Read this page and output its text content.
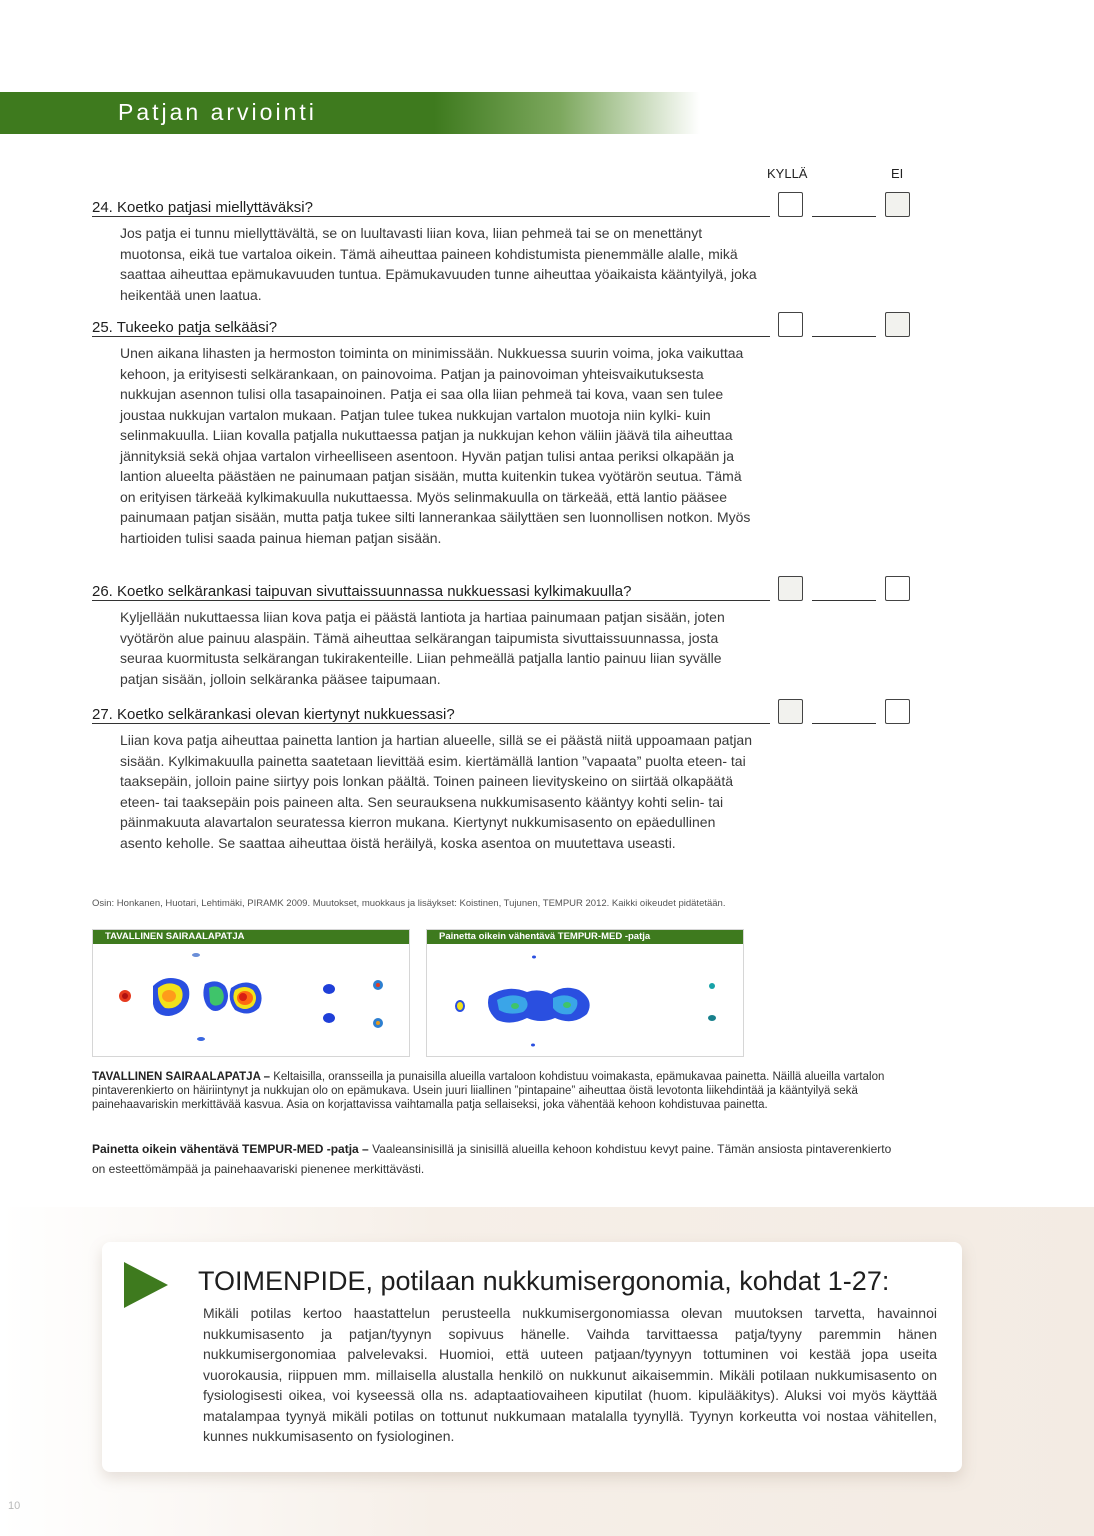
Patjan arviointi
KYLLÄ	EI
24. Koetko patjasi miellyttäväksi?

Jos patja ei tunnu miellyttävältä, se on luultavasti liian kova, liian pehmeä tai se on menettänyt muotonsa, eikä tue vartaloa oikein. Tämä aiheuttaa paineen kohdistumista pienemmälle alalle, mikä saattaa aiheuttaa epämukavuuden tuntua. Epämukavuuden tunne aiheuttaa yöaikaista kääntyilyä, joka heikentää unen laatua.

25. Tukeeko patja selkääsi?

Unen aikana lihasten ja hermoston toiminta on minimissään. Nukkuessa suurin voima, joka vaikuttaa kehoon, ja erityisesti selkärankaan, on painovoima. Patjan ja painovoiman yhteisvaikutuksesta nukkujan asennon tulisi olla tasapainoinen. Patja ei saa olla liian pehmeä tai kova, vaan sen tulee joustaa nukkujan vartalon mukaan. Patjan tulee tukea nukkujan vartalon muotoja niin kylki- kuin selinmakuulla. Liian kovalla patjalla nukuttaessa patjan ja nukkujan kehon väliin jäävä tila aiheuttaa jännityksiä sekä ohjaa vartalon virheelliseen asentoon. Hyvän patjan tulisi antaa periksi olkapään ja lantion alueelta päästäen ne painumaan patjan sisään, mutta kuitenkin tukea vyötärön seutua. Tämä on erityisen tärkeää kylkimakuulla nukuttaessa. Myös selinmakuulla on tärkeää, että lantio pääsee painumaan patjan sisään, mutta patja tukee silti lannerankaa säilyttäen sen luonnollisen notkon. Myös hartioiden tulisi saada painua hieman patjan sisään.

26. Koetko selkärankasi taipuvan sivuttaissuunnassa nukkuessasi kylkimakuulla?

Kyljellään nukuttaessa liian kova patja ei päästä lantiota ja hartiaa painumaan patjan sisään, joten vyötärön alue painuu alaspäin. Tämä aiheuttaa selkärangan taipumista sivuttaissuunnassa, josta seuraa kuormitusta selkärangan tukirakenteille. Liian pehmeällä patjalla lantio painuu liian syvälle patjan sisään, jolloin selkäranka pääsee taipumaan.

27. Koetko selkärankasi olevan kiertynyt nukkuessasi?

Liian kova patja aiheuttaa painetta lantion ja hartian alueelle, sillä se ei päästä niitä uppoamaan patjan sisään. Kylkimakuulla painetta saatetaan lievittää esim. kiertämällä lantion ”vapaata” puolta eteen- tai taaksepäin, jolloin paine siirtyy pois lonkan päältä. Toinen paineen lievityskeino on siirtää olkapäätä eteen- tai taaksepäin pois paineen alta. Sen seurauksena nukkumisasento kääntyy kohti selin- tai päinmakuuta alavartalon seuratessa kierron mukana. Kiertynyt nukkumisasento on epäedullinen asento keholle. Se saattaa aiheuttaa öistä heräilyä, koska asentoa on muutettava useasti.

Osin: Honkanen, Huotari, Lehtimäki, PIRAMK 2009. Muutokset, muokkaus ja lisäykset: Koistinen, Tujunen, TEMPUR 2012. Kaikki oikeudet pidätetään.
TAVALLINEN SAIRAALAPATJA	Painetta oikein vähentävä TEMPUR-MED -patja

TAVALLINEN SAIRAALAPATJA – Keltaisilla, oransseilla ja punaisilla alueilla vartaloon kohdistuu voimakasta, epämukavaa painetta. Näillä alueilla vartalon pintaverenkierto on häiriintynyt ja nukkujan olo on epämukava. Usein juuri liiallinen ”pintapaine” aiheuttaa öistä levotonta liikehdintää ja kääntyilyä sekä painehaavariskin merkittävää kasvua. Asia on korjattavissa vaihtamalla patja sellaiseksi, joka vähentää kehoon kohdistuvaa painetta.

Painetta oikein vähentävä TEMPUR-MED -patja – Vaaleansinisillä ja sinisillä alueilla kehoon kohdistuu kevyt paine. Tämän ansiosta pintaverenkierto on esteettömämpää ja painehaavariski pienenee merkittävästi.

TOIMENPIDE, potilaan nukkumisergonomia, kohdat 1-27:

Mikäli potilas kertoo haastattelun perusteella nukkumisergonomiassa olevan muutoksen tarvetta, havainnoi nukkumisasento ja patjan/tyynyn sopivuus hänelle. Vaihda tarvittaessa patja/tyyny paremmin hänen nukkumisergonomiaa palvelevaksi. Huomioi, että uuteen patjaan/tyynyyn tottuminen voi kestää jopa useita vuorokausia, riippuen mm. millaisella alustalla henkilö on nukkunut aikaisemmin. Mikäli potilaan nukkumisasento on fysiologisesti oikea, voi kyseessä olla ns. adaptaatiovaiheen kiputilat (huom. kipulääkitys). Aluksi voi myös käyttää matalampaa tyynyä mikäli potilas on tottunut nukkumaan matalalla tyynyllä. Tyynyn korkeutta voi nostaa vähitellen, kunnes nukkumisasento on fysiologinen.

10
